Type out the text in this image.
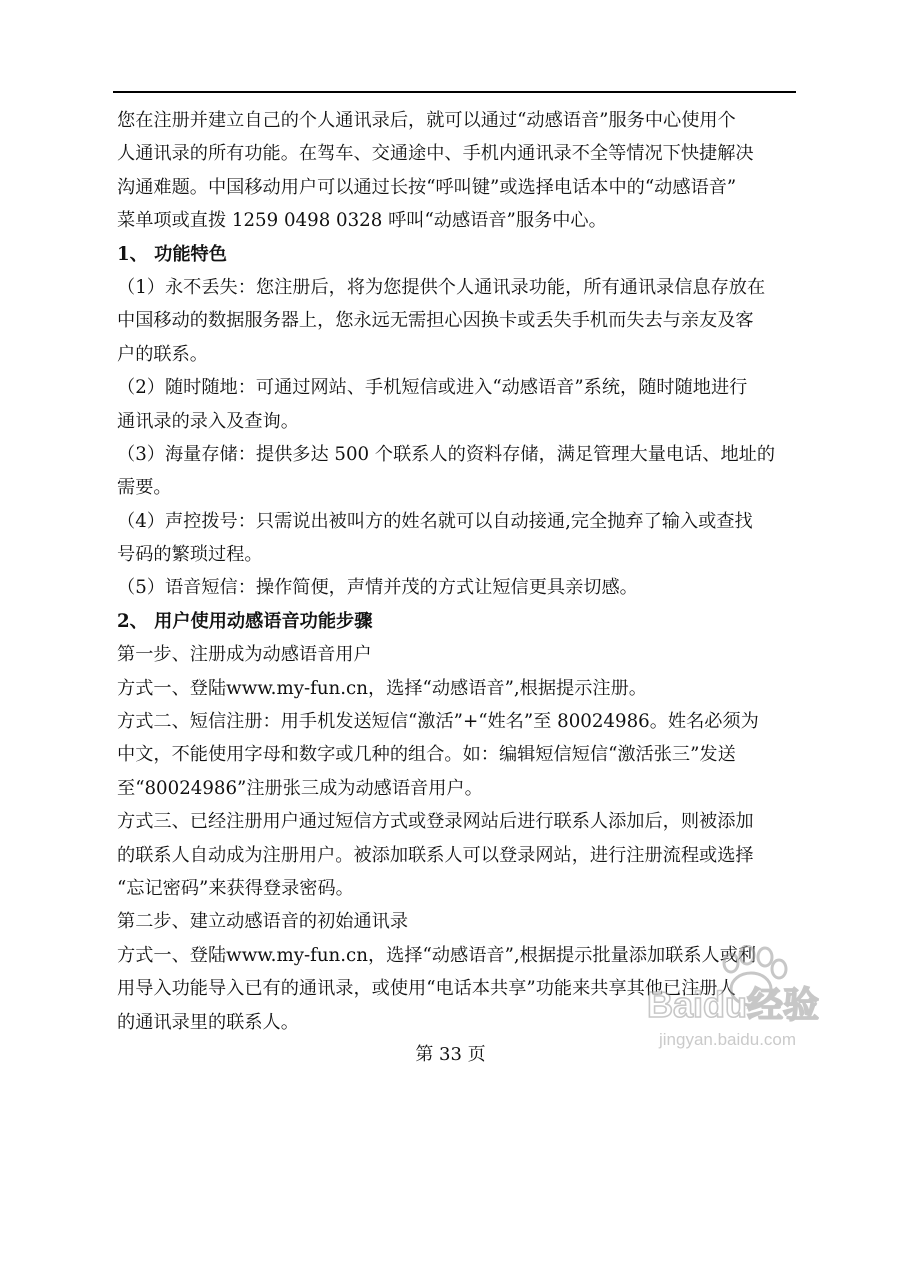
您在注册并建立自己的个人通讯录后，就可以通过“动感语音”服务中心使用个
人通讯录的所有功能。在驾车、交通途中、手机内通讯录不全等情况下快捷解决
沟通难题。中国移动用户可以通过长按“呼叫键”或选择电话本中的“动感语音”
菜单项或直拨 1259 0498 0328 呼叫“动感语音”服务中心。
1、 功能特色
（1）永不丢失：您注册后，将为您提供个人通讯录功能，所有通讯录信息存放在
中国移动的数据服务器上，您永远无需担心因换卡或丢失手机而失去与亲友及客
户的联系。
（2）随时随地：可通过网站、手机短信或进入“动感语音”系统，随时随地进行
通讯录的录入及查询。
（3）海量存储：提供多达 500 个联系人的资料存储，满足管理大量电话、地址的
需要。
（4）声控拨号：只需说出被叫方的姓名就可以自动接通,完全抛弃了输入或查找
号码的繁琐过程。
（5）语音短信：操作简便，声情并茂的方式让短信更具亲切感。
2、 用户使用动感语音功能步骤
第一步、注册成为动感语音用户
方式一、登陆www.my-fun.cn，选择“动感语音”,根据提示注册。
方式二、短信注册：用手机发送短信“激活”+“姓名”至 80024986。姓名必须为
中文，不能使用字母和数字或几种的组合。如：编辑短信短信“激活张三”发送
至“80024986”注册张三成为动感语音用户。
方式三、已经注册用户通过短信方式或登录网站后进行联系人添加后，则被添加
的联系人自动成为注册用户。被添加联系人可以登录网站，进行注册流程或选择
“忘记密码”来获得登录密码。
第二步、建立动感语音的初始通讯录
方式一、登陆www.my-fun.cn，选择“动感语音”,根据提示批量添加联系人或利
用导入功能导入已有的通讯录，或使用“电话本共享”功能来共享其他已注册人
的通讯录里的联系人。
第 33 页
Baidu经验
jingyan.baidu.com
